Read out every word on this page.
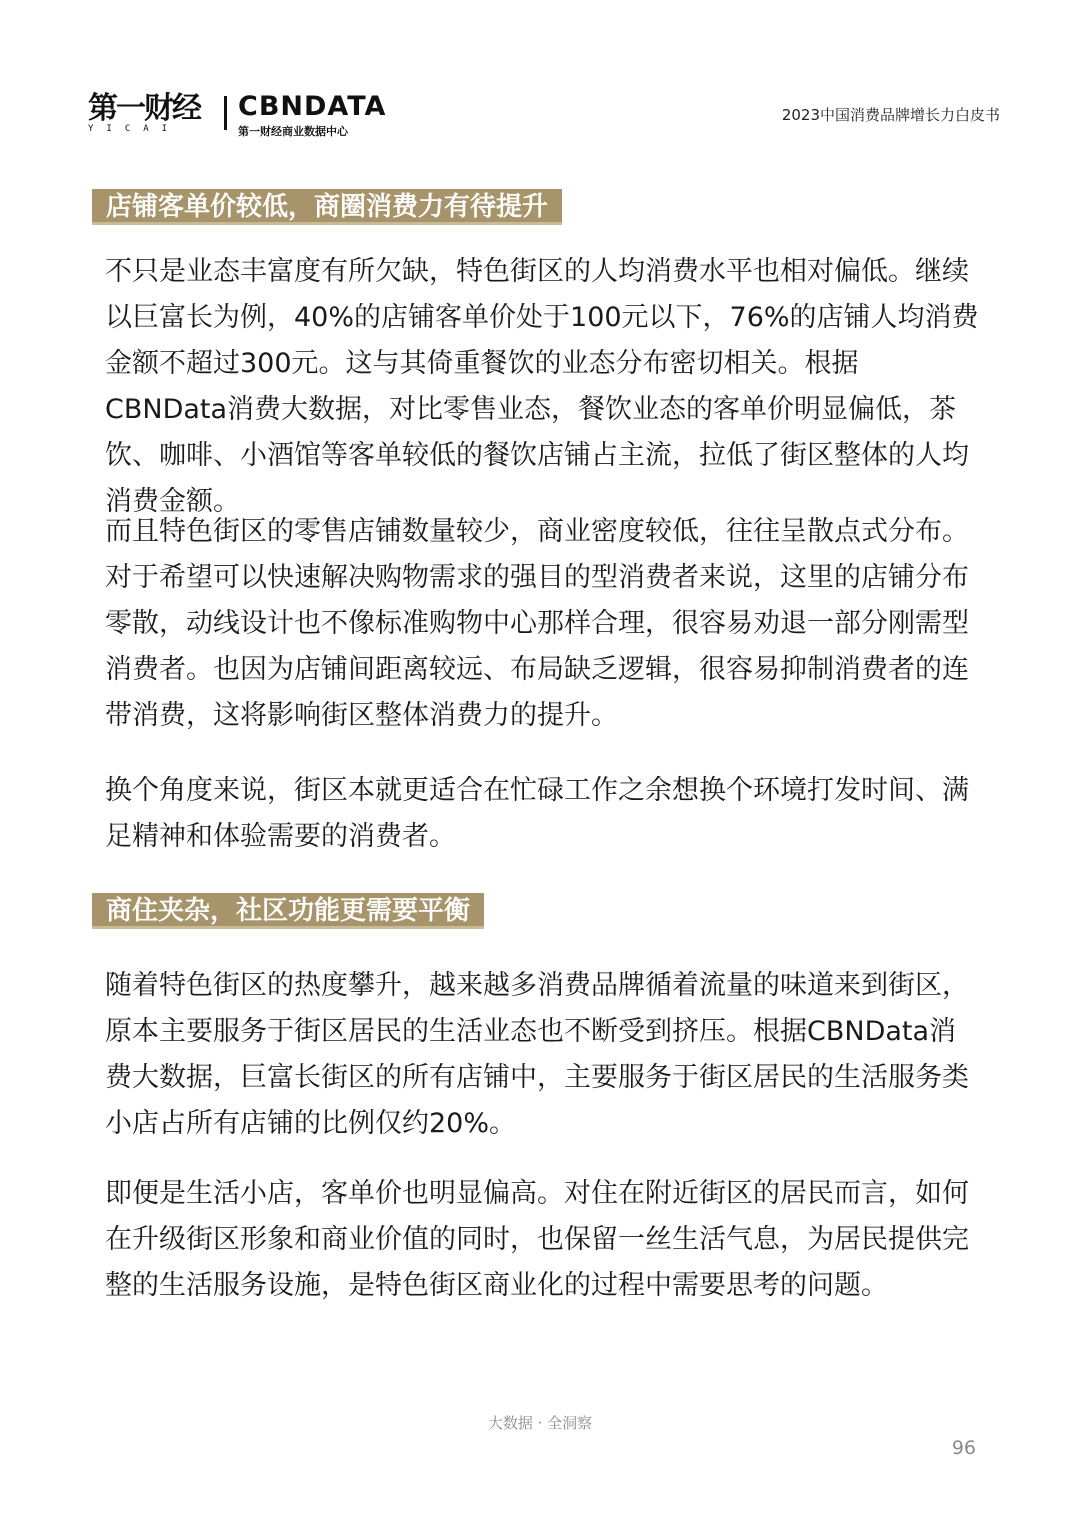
第一财经
YICAI
CBNDATA
第一财经商业数据中心
2023中国消费品牌增长力白皮书
店铺客单价较低，商圈消费力有待提升

不只是业态丰富度有所欠缺，特色街区的人均消费水平也相对偏低。继续以巨富长为例，40%的店铺客单价处于100元以下，76%的店铺人均消费金额不超过300元。这与其倚重餐饮的业态分布密切相关。根据CBNData消费大数据，对比零售业态，餐饮业态的客单价明显偏低，茶饮、咖啡、小酒馆等客单较低的餐饮店铺占主流，拉低了街区整体的人均消费金额。

而且特色街区的零售店铺数量较少，商业密度较低，往往呈散点式分布。对于希望可以快速解决购物需求的强目的型消费者来说，这里的店铺分布零散，动线设计也不像标准购物中心那样合理，很容易劝退一部分刚需型消费者。也因为店铺间距离较远、布局缺乏逻辑，很容易抑制消费者的连带消费，这将影响街区整体消费力的提升。

换个角度来说，街区本就更适合在忙碌工作之余想换个环境打发时间、满足精神和体验需要的消费者。

商住夹杂，社区功能更需要平衡

随着特色街区的热度攀升，越来越多消费品牌循着流量的味道来到街区，原本主要服务于街区居民的生活业态也不断受到挤压。根据CBNData消费大数据，巨富长街区的所有店铺中，主要服务于街区居民的生活服务类小店占所有店铺的比例仅约20%。

即便是生活小店，客单价也明显偏高。对住在附近街区的居民而言，如何在升级街区形象和商业价值的同时，也保留一丝生活气息，为居民提供完整的生活服务设施，是特色街区商业化的过程中需要思考的问题。

大数据 · 全洞察
96
